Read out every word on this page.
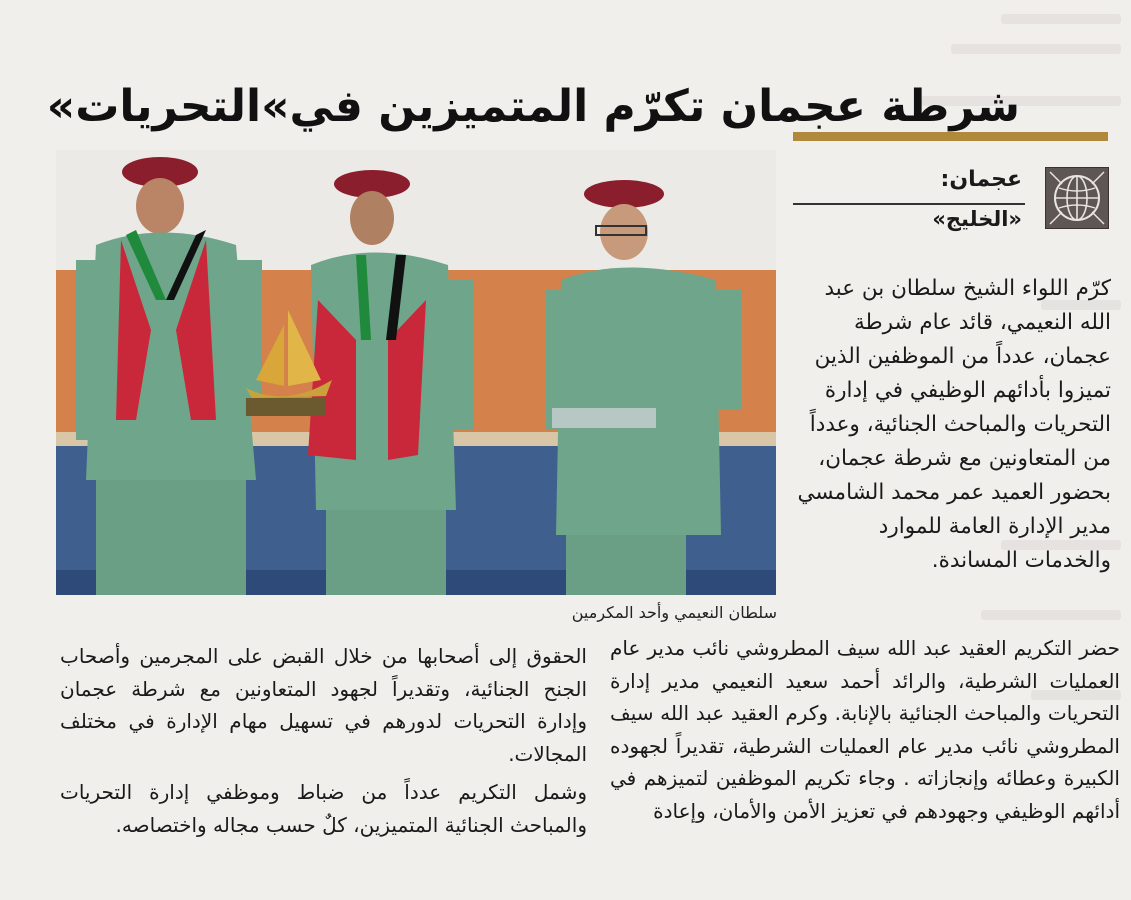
شرطة عجمان تكرّم المتميزين في»التحريات»
عجمان:
«الخليج»
سلطان النعيمي وأحد المكرمين
كرّم اللواء الشيخ سلطان بن عبد الله النعيمي، قائد عام شرطة عجمان، عدداً من الموظفين الذين تميزوا بأدائهم الوظيفي في إدارة التحريات والمباحث الجنائية، وعدداً من المتعاونين مع شرطة عجمان، بحضور العميد عمر محمد الشامسي مدير الإدارة العامة للموارد والخدمات المساندة.

حضر التكريم العقيد عبد الله سيف المطروشي نائب مدير عام العمليات الشرطية، والرائد أحمد سعيد النعيمي مدير إدارة التحريات والمباحث الجنائية بالإنابة. وكرم العقيد عبد الله سيف المطروشي نائب مدير عام العمليات الشرطية، تقديراً لجهوده الكبيرة وعطائه وإنجازاته . وجاء تكريم الموظفين لتميزهم في أدائهم الوظيفي وجهودهم في تعزيز الأمن والأمان، وإعادة

الحقوق إلى أصحابها من خلال القبض على المجرمين وأصحاب الجنح الجنائية، وتقديراً لجهود المتعاونين مع شرطة عجمان وإدارة التحريات لدورهم في تسهيل مهام الإدارة في مختلف المجالات.

وشمل التكريم عدداً من ضباط وموظفي إدارة التحريات والمباحث الجنائية المتميزين، كلٌ حسب مجاله واختصاصه.
